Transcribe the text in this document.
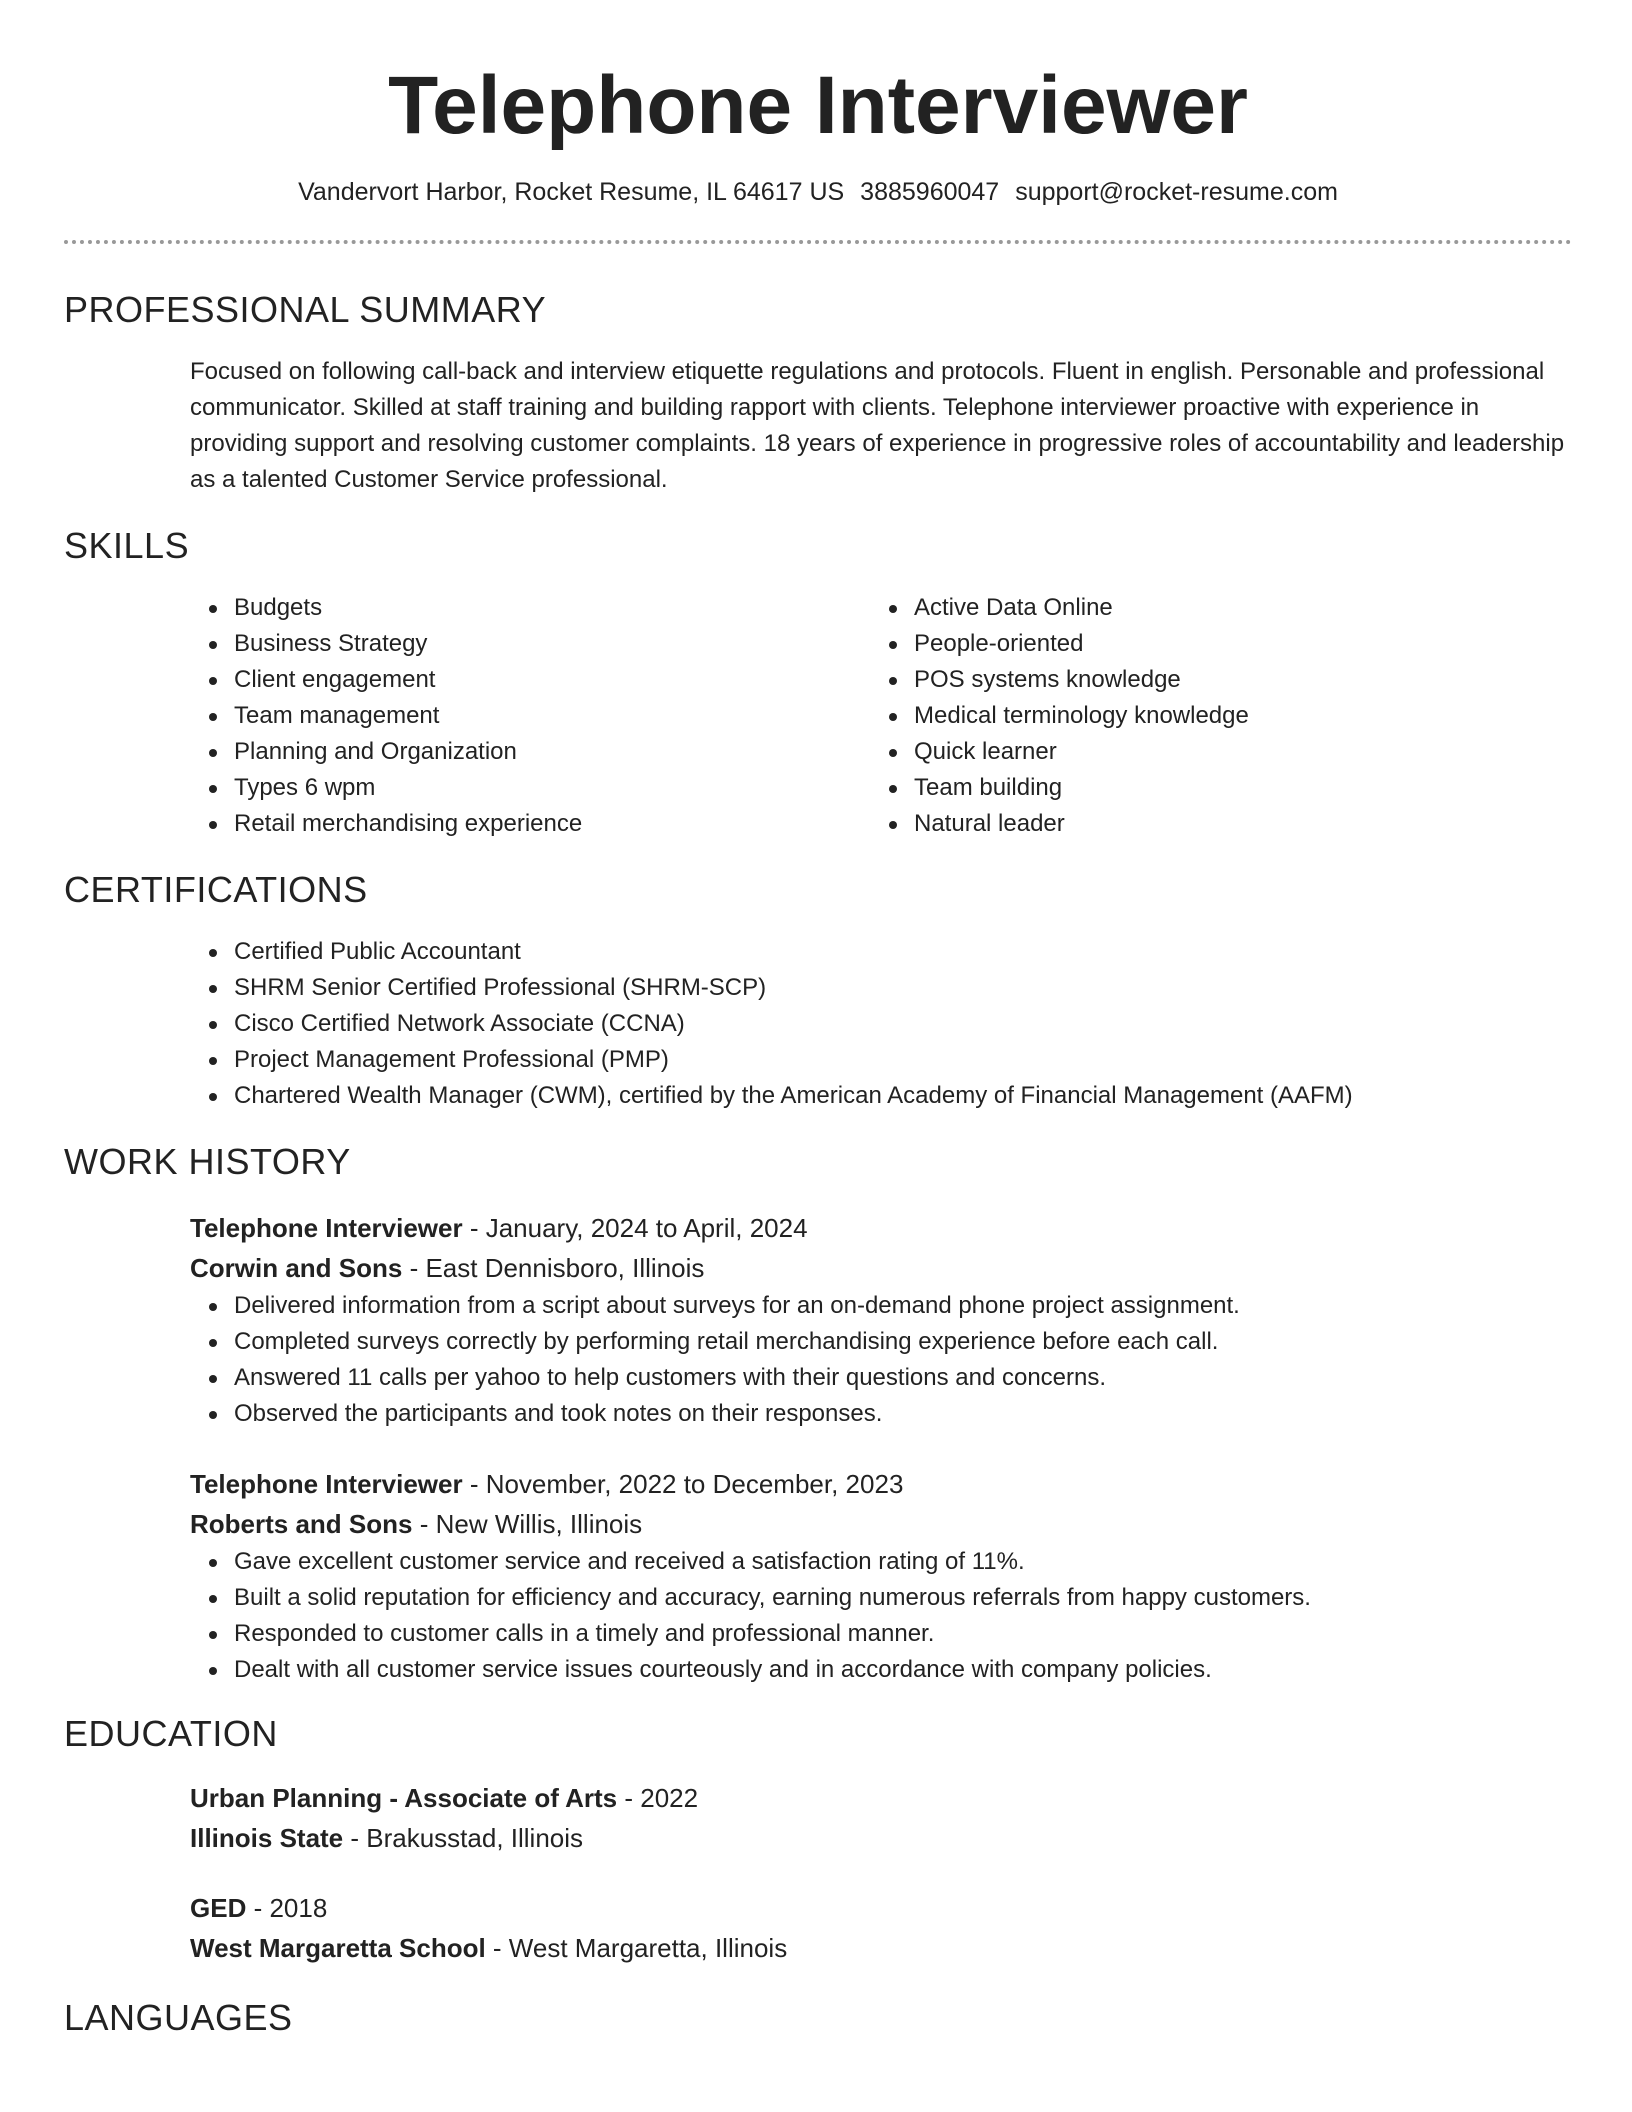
Telephone Interviewer
Vandervort Harbor, Rocket Resume, IL 64617 US 3885960047 support@rocket-resume.com
PROFESSIONAL SUMMARY

Focused on following call-back and interview etiquette regulations and protocols. Fluent in english. Personable and professional communicator. Skilled at staff training and building rapport with clients. Telephone interviewer proactive with experience in providing support and resolving customer complaints. 18 years of experience in progressive roles of accountability and leadership as a talented Customer Service professional.

SKILLS
Budgets
Business Strategy
Client engagement
Team management
Planning and Organization
Types 6 wpm
Retail merchandising experience
Active Data Online
People-oriented
POS systems knowledge
Medical terminology knowledge
Quick learner
Team building
Natural leader
CERTIFICATIONS
Certified Public Accountant
SHRM Senior Certified Professional (SHRM-SCP)
Cisco Certified Network Associate (CCNA)
Project Management Professional (PMP)
Chartered Wealth Manager (CWM), certified by the American Academy of Financial Management (AAFM)
WORK HISTORY
Telephone Interviewer - January, 2024 to April, 2024
Corwin and Sons - East Dennisboro, Illinois
Delivered information from a script about surveys for an on-demand phone project assignment.
Completed surveys correctly by performing retail merchandising experience before each call.
Answered 11 calls per yahoo to help customers with their questions and concerns.
Observed the participants and took notes on their responses.
Telephone Interviewer - November, 2022 to December, 2023
Roberts and Sons - New Willis, Illinois
Gave excellent customer service and received a satisfaction rating of 11%.
Built a solid reputation for efficiency and accuracy, earning numerous referrals from happy customers.
Responded to customer calls in a timely and professional manner.
Dealt with all customer service issues courteously and in accordance with company policies.
EDUCATION
Urban Planning - Associate of Arts - 2022
Illinois State - Brakusstad, Illinois
GED - 2018
West Margaretta School - West Margaretta, Illinois
LANGUAGES
